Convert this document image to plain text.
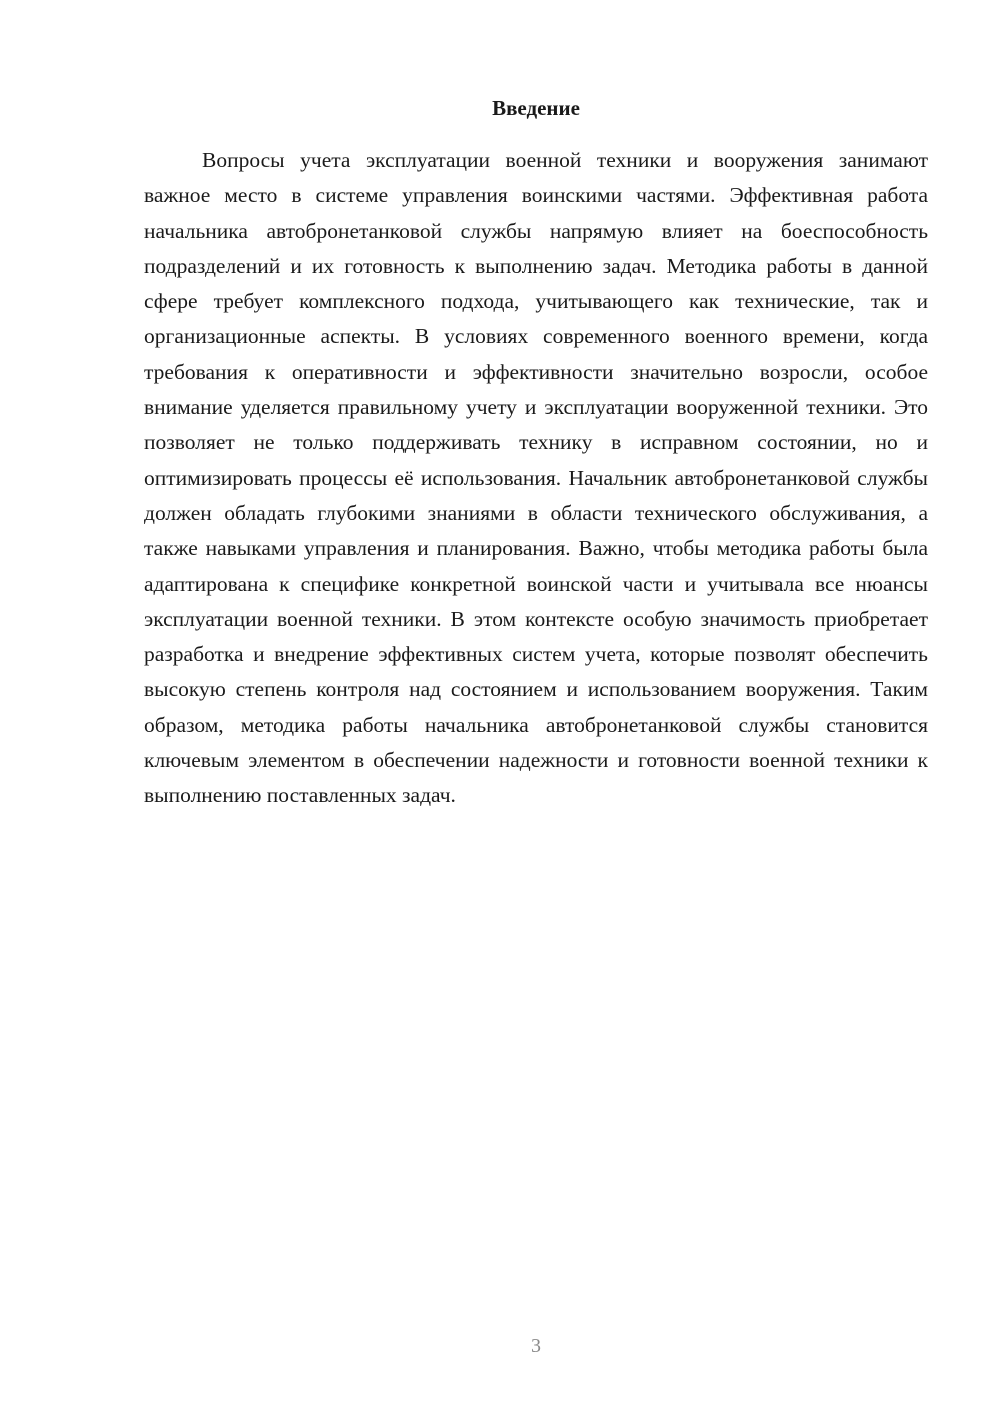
Введение

Вопросы учета эксплуатации военной техники и вооружения занимают важное место в системе управления воинскими частями. Эффективная работа начальника автобронетанковой службы напрямую влияет на боеспособность подразделений и их готовность к выполнению задач. Методика работы в данной сфере требует комплексного подхода, учитывающего как технические, так и организационные аспекты. В условиях современного военного времени, когда требования к оперативности и эффективности значительно возросли, особое внимание уделяется правильному учету и эксплуатации вооруженной техники. Это позволяет не только поддерживать технику в исправном состоянии, но и оптимизировать процессы её использования. Начальник автобронетанковой службы должен обладать глубокими знаниями в области технического обслуживания, а также навыками управления и планирования. Важно, чтобы методика работы была адаптирована к специфике конкретной воинской части и учитывала все нюансы эксплуатации военной техники. В этом контексте особую значимость приобретает разработка и внедрение эффективных систем учета, которые позволят обеспечить высокую степень контроля над состоянием и использованием вооружения. Таким образом, методика работы начальника автобронетанковой службы становится ключевым элементом в обеспечении надежности и готовности военной техники к выполнению поставленных задач.

3
